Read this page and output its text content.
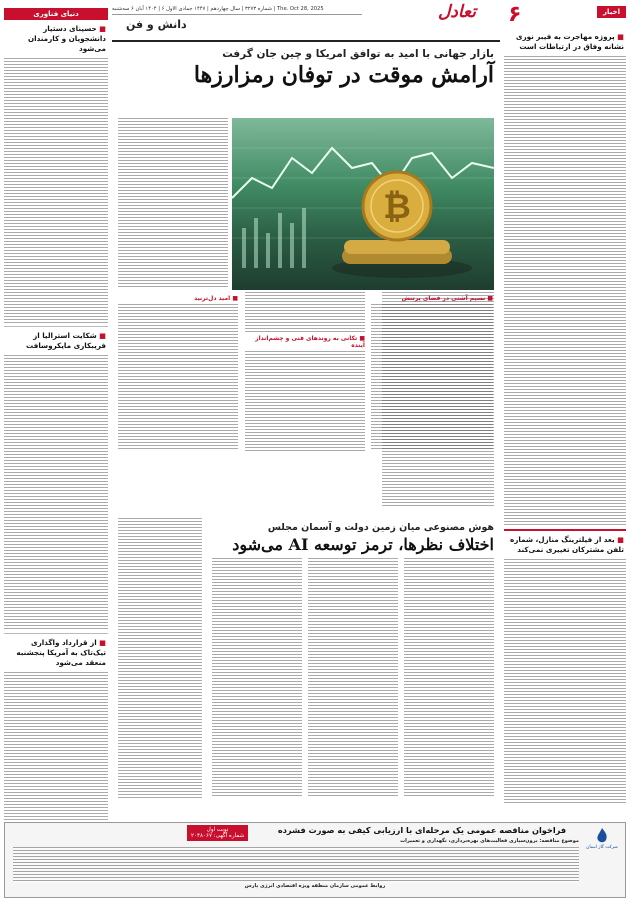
تعادل
The. Oct 28, 2025 | شماره ۳۲۷۳ | سال چهاردهم | ۱۴۴۷ جمادی الاول ۶ | ۱۴۰۴ آبان ۶ سه‌شنبه
دانش و فن	۶	اخبار
■ پروژه مهاجرت به فیبر نوری نشانه وفاق در ارتباطات است
■ بعد از فیلترینگ منازل، شماره تلفن مشترکان تغییری نمی‌کند
دنیای فناوری
■ حسینای دستیار دانشجویان و کارمندان می‌شود
■ شکایت استرالیا از فریبکاری مایکروسافت
■ از قرارداد واگذاری تیک‌تاک به آمریکا پنجشنبه منعقد می‌شود
بازار جهانی با امید به توافق امریکا و چین جان گرفت
آرامش موقت در توفان رمزارزها
₿
■ نسیم آشتی در فضای پرتنش
■ تکانی به روندهای فنی و چشم‌انداز آینده
■ امید دل‌ترنید
هوش مصنوعی میان زمین دولت و آسمان مجلس
اختلاف نظرها، ترمز توسعه AI می‌شود
شرکت گاز استان
نوبت اول
شماره آگهی: ۲۰۴۸۰۶۷
فراخوان مناقصه عمومی یک مرحله‌ای با ارزیابی کیفی به صورت فشرده
موضوع مناقصه: برون‌سپاری فعالیت‌های بهره‌برداری، نگهداری و تعمیرات
روابط عمومی سازمان منطقه ویژه اقتصادی انرژی پارس
